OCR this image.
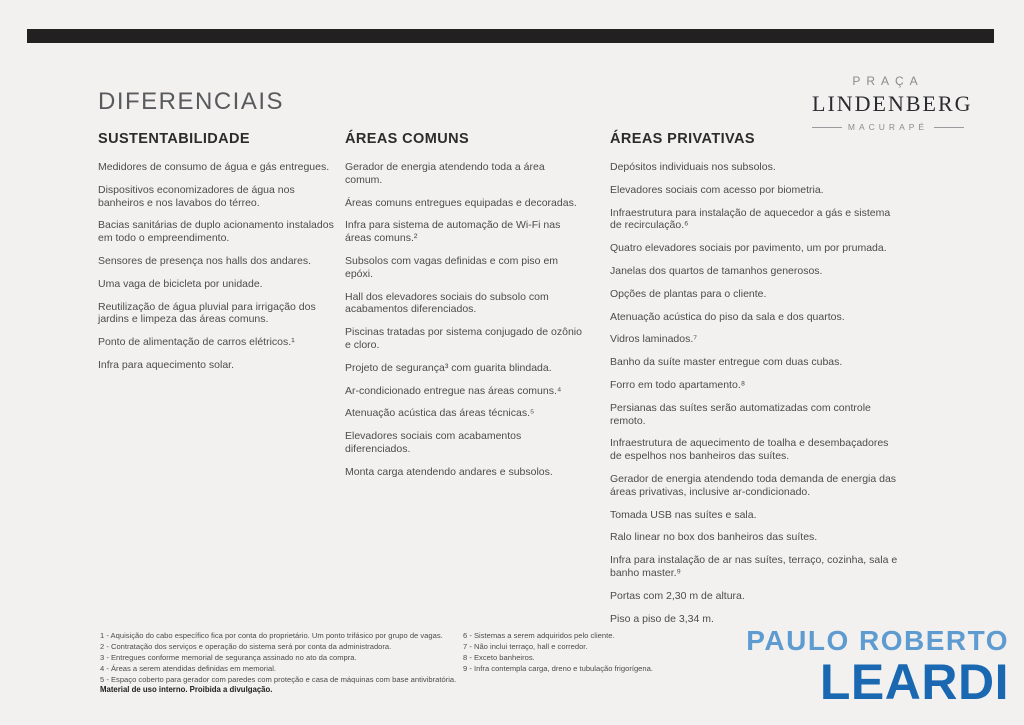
DIFERENCIAIS
PRAÇA
LINDENBERG
MACURAPÉ
SUSTENTABILIDADE

Medidores de consumo de água e gás entregues.

Dispositivos economizadores de água nos banheiros e nos lavabos do térreo.

Bacias sanitárias de duplo acionamento instalados em todo o empreendimento.

Sensores de presença nos halls dos andares.

Uma vaga de bicicleta por unidade.

Reutilização de água pluvial para irrigação dos jardins e limpeza das áreas comuns.

Ponto de alimentação de carros elétricos.¹

Infra para aquecimento solar.

ÁREAS COMUNS

Gerador de energia atendendo toda a área comum.

Áreas comuns entregues equipadas e decoradas.

Infra para sistema de automação de Wi-Fi nas áreas comuns.²

Subsolos com vagas definidas e com piso em epóxi.

Hall dos elevadores sociais do subsolo com acabamentos diferenciados.

Piscinas tratadas por sistema conjugado de ozônio e cloro.

Projeto de segurança³ com guarita blindada.

Ar-condicionado entregue nas áreas comuns.⁴

Atenuação acústica das áreas técnicas.⁵

Elevadores sociais com acabamentos diferenciados.

Monta carga atendendo andares e subsolos.

ÁREAS PRIVATIVAS

Depósitos individuais nos subsolos.

Elevadores sociais com acesso por biometria.

Infraestrutura para instalação de aquecedor a gás e sistema de recirculação.⁶

Quatro elevadores sociais por pavimento, um por prumada.

Janelas dos quartos de tamanhos generosos.

Opções de plantas para o cliente.

Atenuação acústica do piso da sala e dos quartos.

Vidros laminados.⁷

Banho da suíte master entregue com duas cubas.

Forro em todo apartamento.⁸

Persianas das suítes serão automatizadas com controle remoto.

Infraestrutura de aquecimento de toalha e desembaçadores de espelhos nos banheiros das suítes.

Gerador de energia atendendo toda demanda de energia das áreas privativas, inclusive ar-condicionado.

Tomada USB nas suítes e sala.

Ralo linear no box dos banheiros das suítes.

Infra para instalação de ar nas suítes, terraço, cozinha, sala e banho master.⁹

Portas com 2,30 m de altura.

Piso a piso de 3,34 m.

1 - Aquisição do cabo específico fica por conta do proprietário. Um ponto trifásico por grupo de vagas.

2 - Contratação dos serviços e operação do sistema será por conta da administradora.

3 - Entregues conforme memorial de segurança assinado no ato da compra.

4 - Áreas a serem atendidas definidas em memorial.

5 - Espaço coberto para gerador com paredes com proteção e casa de máquinas com base antivibratória.

6 - Sistemas a serem adquiridos pelo cliente.

7 - Não inclui terraço, hall e corredor.

8 - Exceto banheiros.

9 - Infra contempla carga, dreno e tubulação frigorígena.

Material de uso interno. Proibida a divulgação.
PAULO ROBERTO
LEARDI
